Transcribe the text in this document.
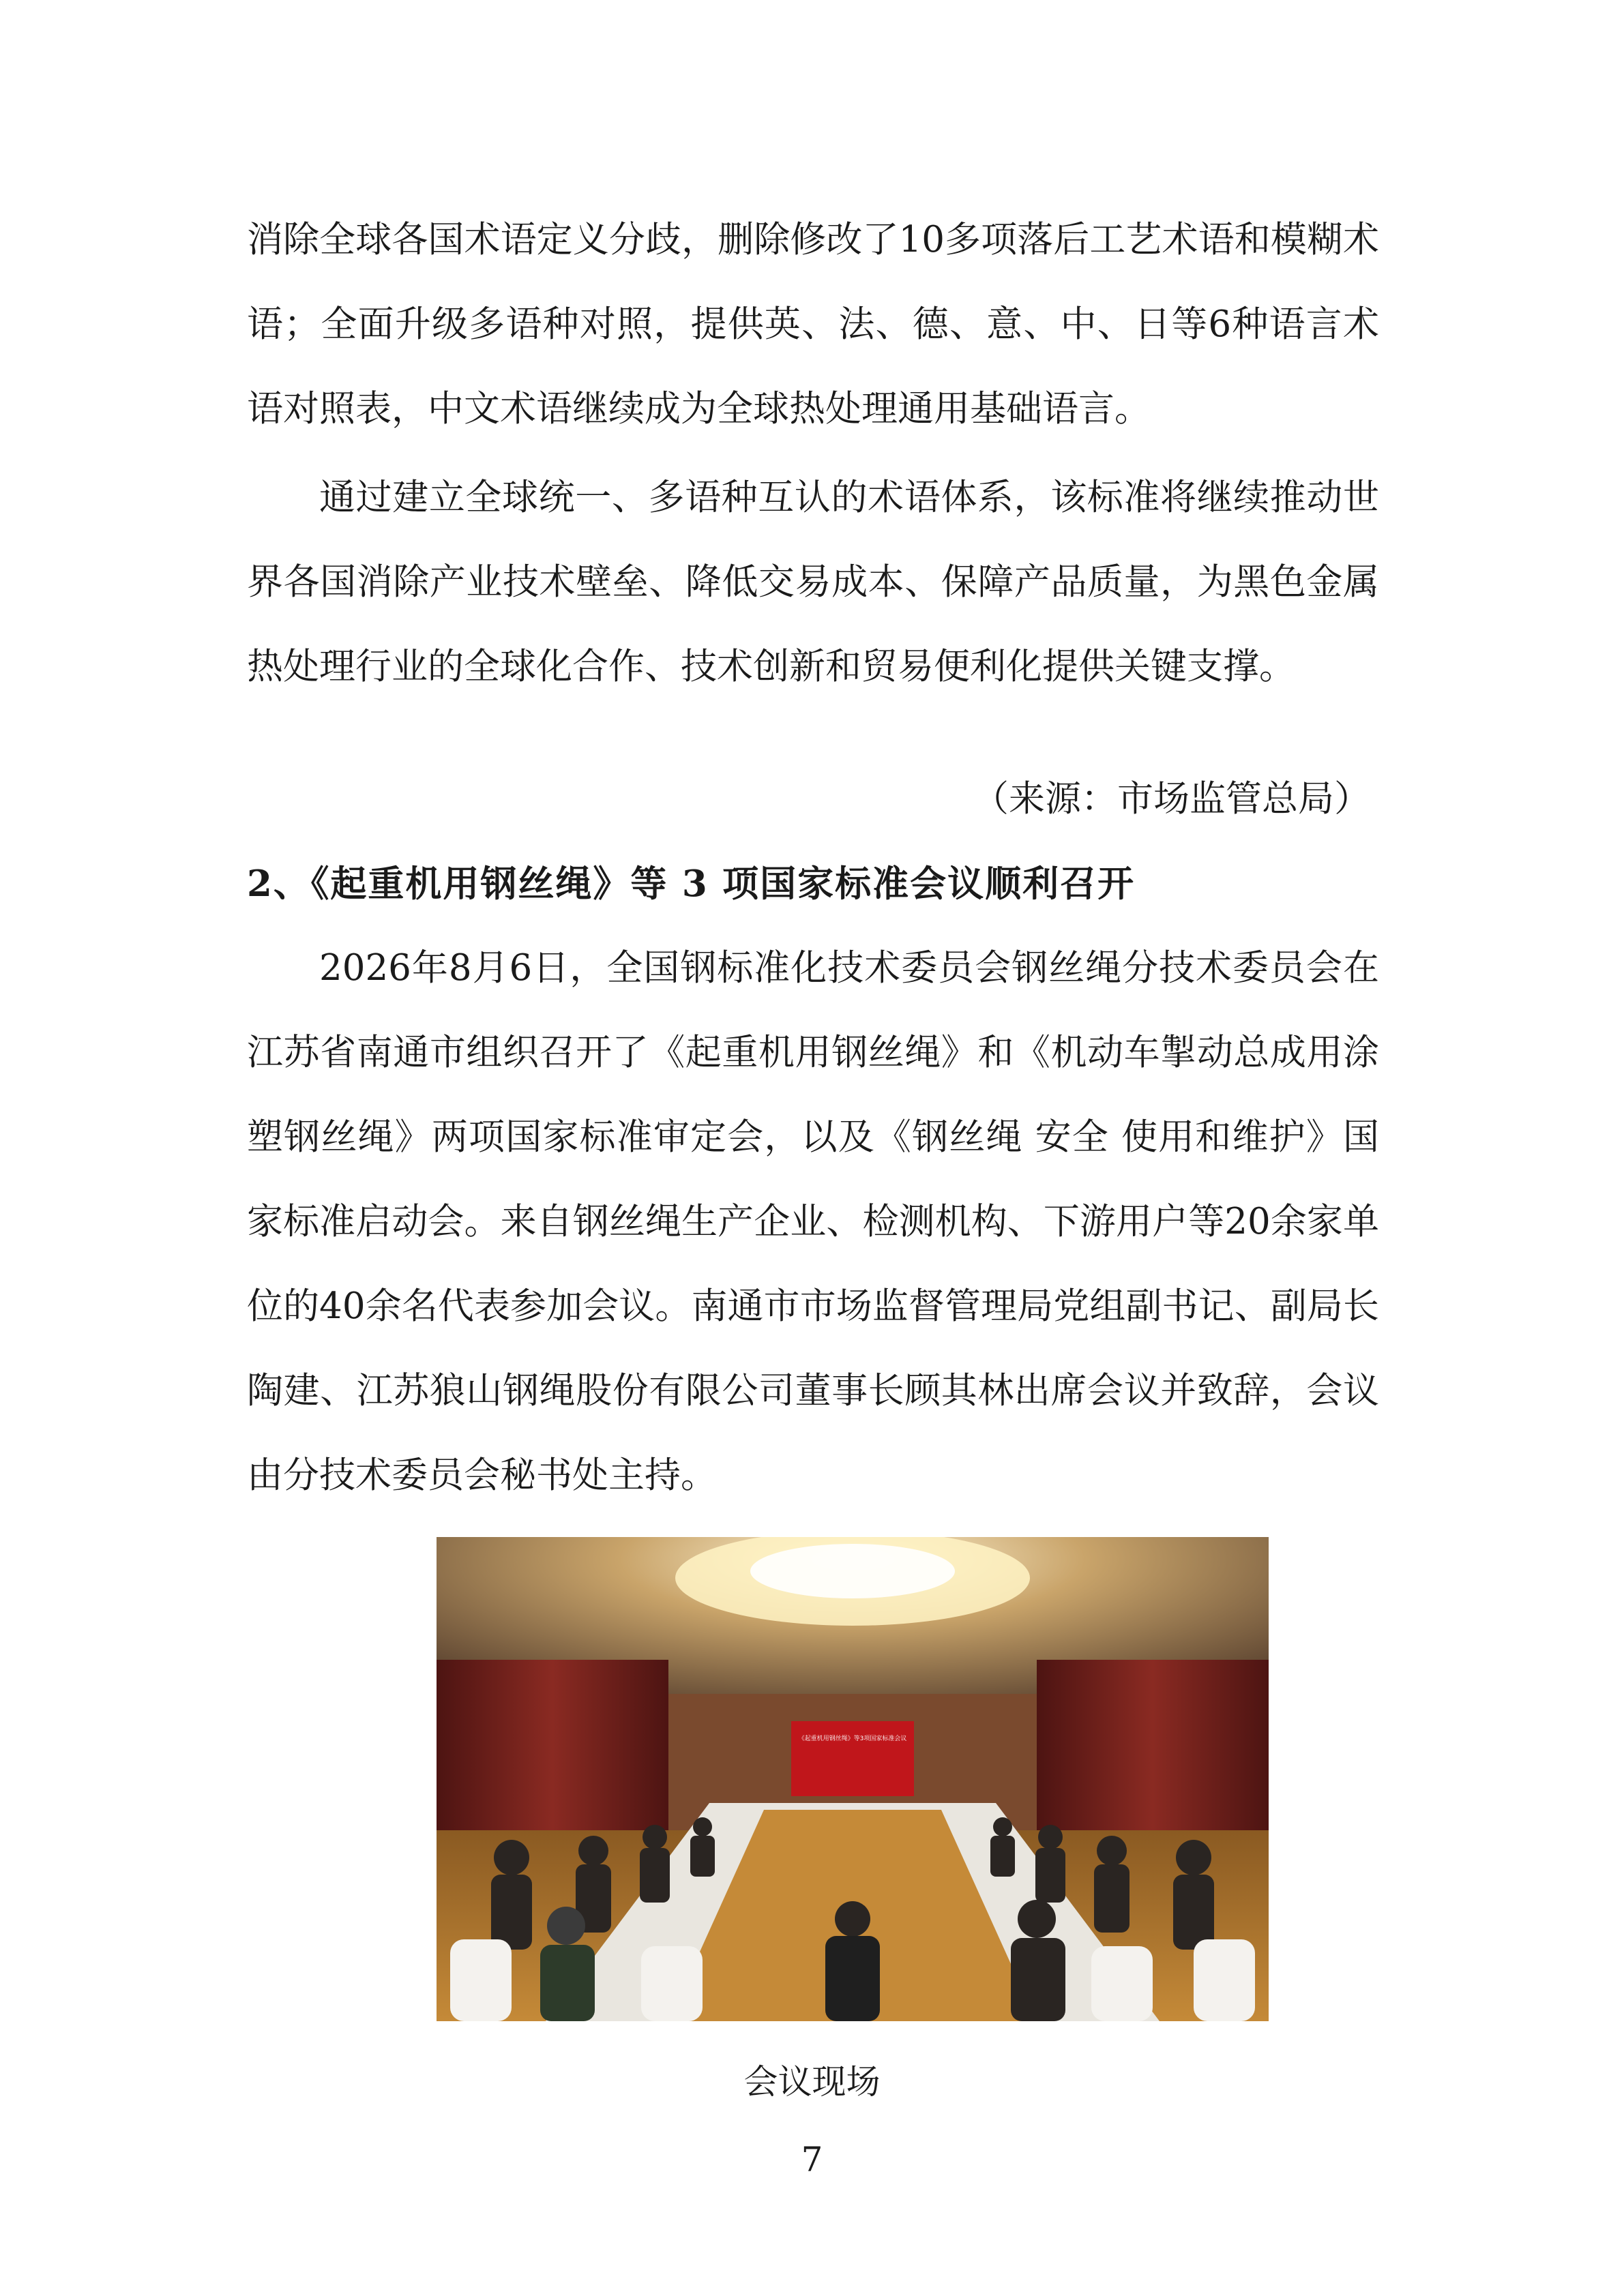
消除全球各国术语定义分歧，删除修改了10多项落后工艺术语和模糊术语；全面升级多语种对照，提供英、法、德、意、中、日等6种语言术语对照表，中文术语继续成为全球热处理通用基础语言。
通过建立全球统一、多语种互认的术语体系，该标准将继续推动世界各国消除产业技术壁垒、降低交易成本、保障产品质量，为黑色金属热处理行业的全球化合作、技术创新和贸易便利化提供关键支撑。
（来源：市场监管总局）
2、《起重机用钢丝绳》等 3 项国家标准会议顺利召开
2026年8月6日，全国钢标准化技术委员会钢丝绳分技术委员会在江苏省南通市组织召开了《起重机用钢丝绳》和《机动车掣动总成用涂塑钢丝绳》两项国家标准审定会，以及《钢丝绳 安全 使用和维护》国家标准启动会。来自钢丝绳生产企业、检测机构、下游用户等20余家单位的40余名代表参加会议。南通市市场监督管理局党组副书记、副局长陶建、江苏狼山钢绳股份有限公司董事长顾其林出席会议并致辞，会议由分技术委员会秘书处主持。
《起重机用钢丝绳》等3项国家标准会议
会议现场
7
